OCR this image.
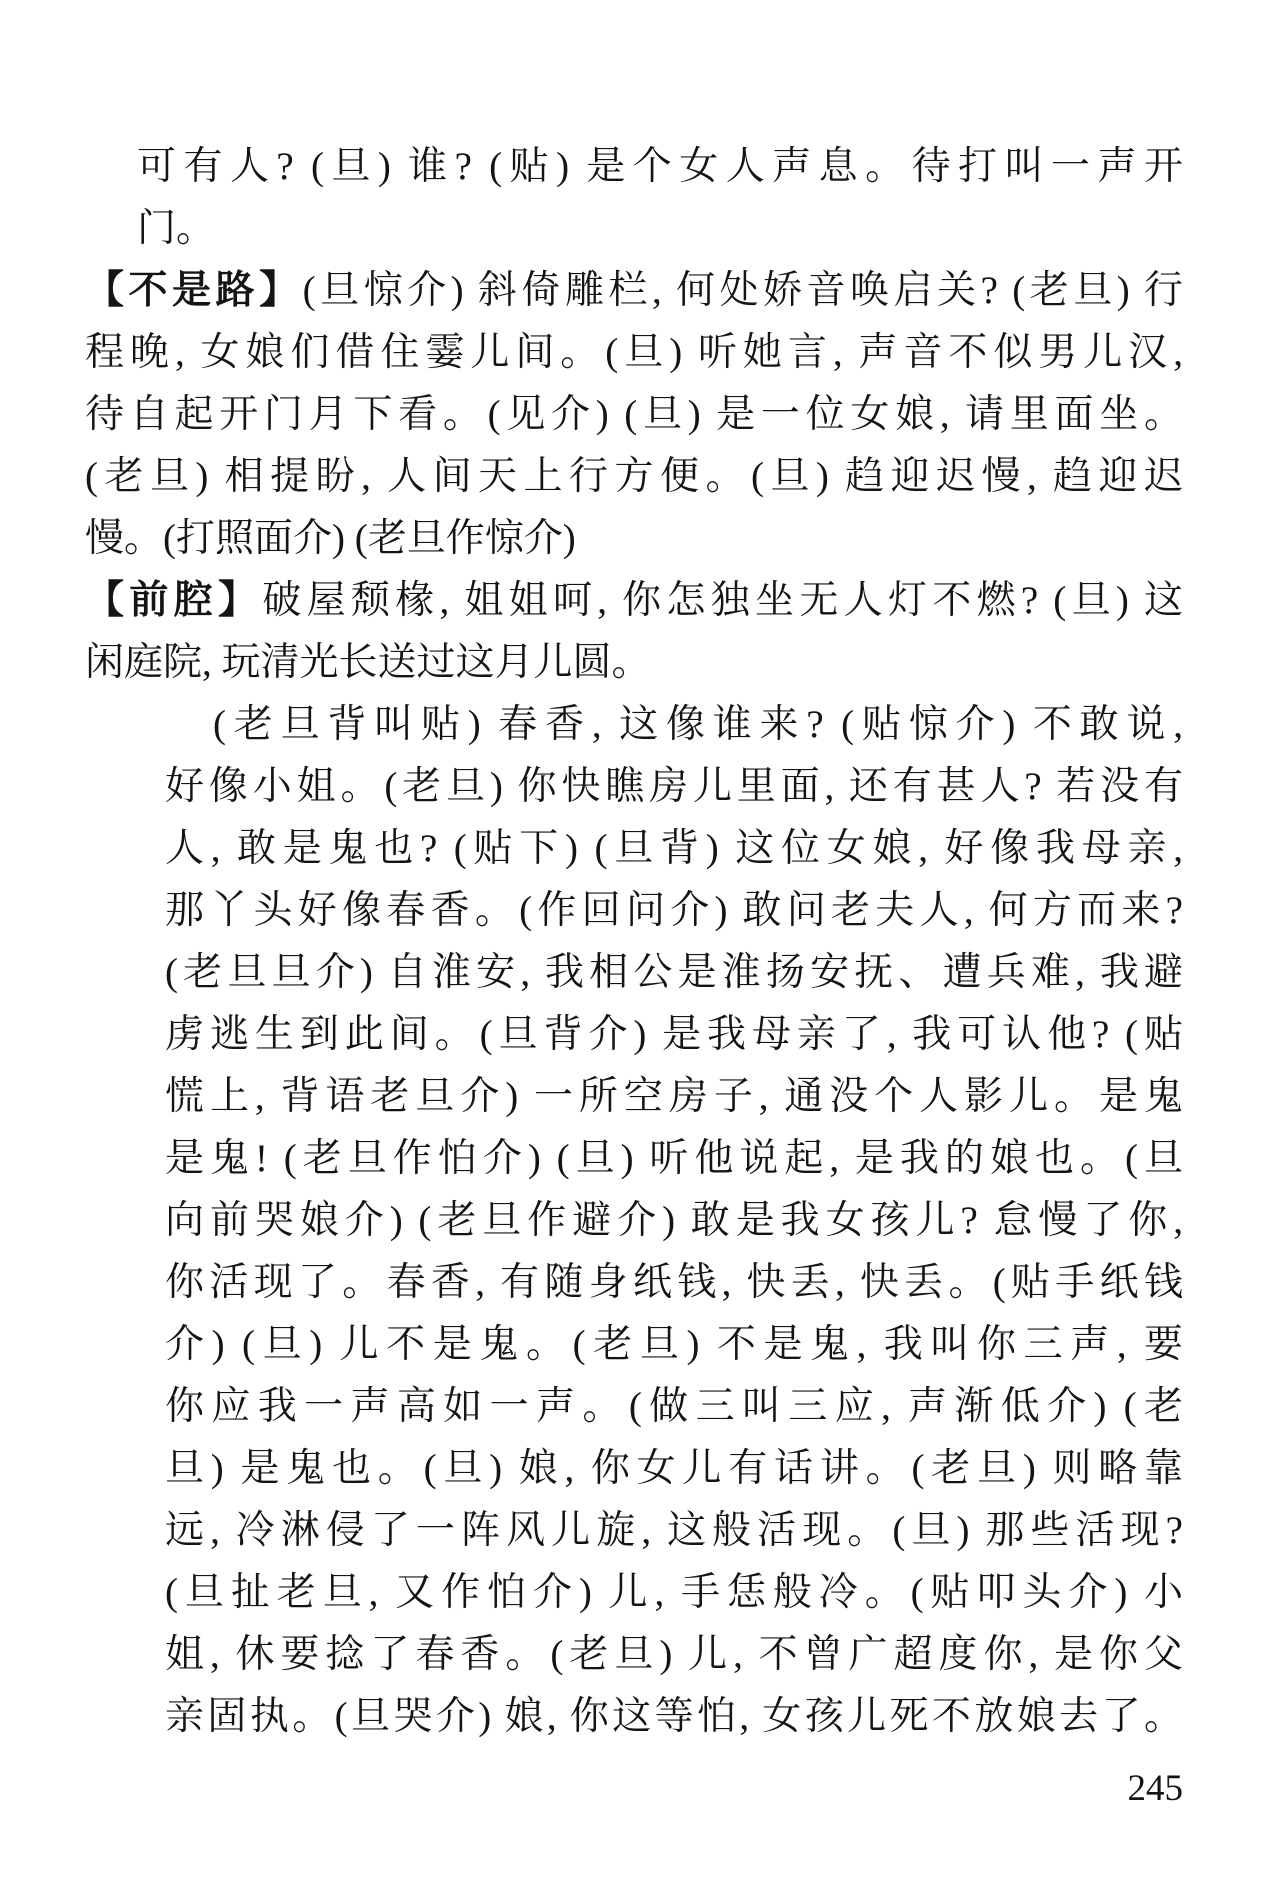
可有人? (旦) 谁? (贴) 是个女人声息。待打叫一声开
门。
【不是路】(旦惊介) 斜倚雕栏, 何处娇音唤启关? (老旦) 行
程晚, 女娘们借住霎儿间。(旦) 听她言, 声音不似男儿汉,
待自起开门月下看。(见介) (旦) 是一位女娘, 请里面坐。
(老旦) 相提盼, 人间天上行方便。(旦) 趋迎迟慢, 趋迎迟
慢。(打照面介) (老旦作惊介)
【前腔】破屋颓椽, 姐姐呵, 你怎独坐无人灯不燃? (旦) 这
闲庭院, 玩清光长送过这月儿圆。
(老旦背叫贴) 春香, 这像谁来? (贴惊介) 不敢说,
好像小姐。(老旦) 你快瞧房儿里面, 还有甚人? 若没有
人, 敢是鬼也? (贴下) (旦背) 这位女娘, 好像我母亲,
那丫头好像春香。(作回问介) 敢问老夫人, 何方而来?
(老旦旦介) 自淮安, 我相公是淮扬安抚、遭兵难, 我避
虏逃生到此间。(旦背介) 是我母亲了, 我可认他? (贴
慌上, 背语老旦介) 一所空房子, 通没个人影儿。是鬼
是鬼! (老旦作怕介) (旦) 听他说起, 是我的娘也。(旦
向前哭娘介) (老旦作避介) 敢是我女孩儿? 怠慢了你,
你活现了。春香, 有随身纸钱, 快丢, 快丢。(贴手纸钱
介) (旦) 儿不是鬼。(老旦) 不是鬼, 我叫你三声, 要
你应我一声高如一声。(做三叫三应, 声渐低介) (老
旦) 是鬼也。(旦) 娘, 你女儿有话讲。(老旦) 则略靠
远, 冷淋侵了一阵风儿旋, 这般活现。(旦) 那些活现?
(旦扯老旦, 又作怕介) 儿, 手恁般冷。(贴叩头介) 小
姐, 休要捻了春香。(老旦) 儿, 不曾广超度你, 是你父
亲固执。(旦哭介) 娘, 你这等怕, 女孩儿死不放娘去了。
245
